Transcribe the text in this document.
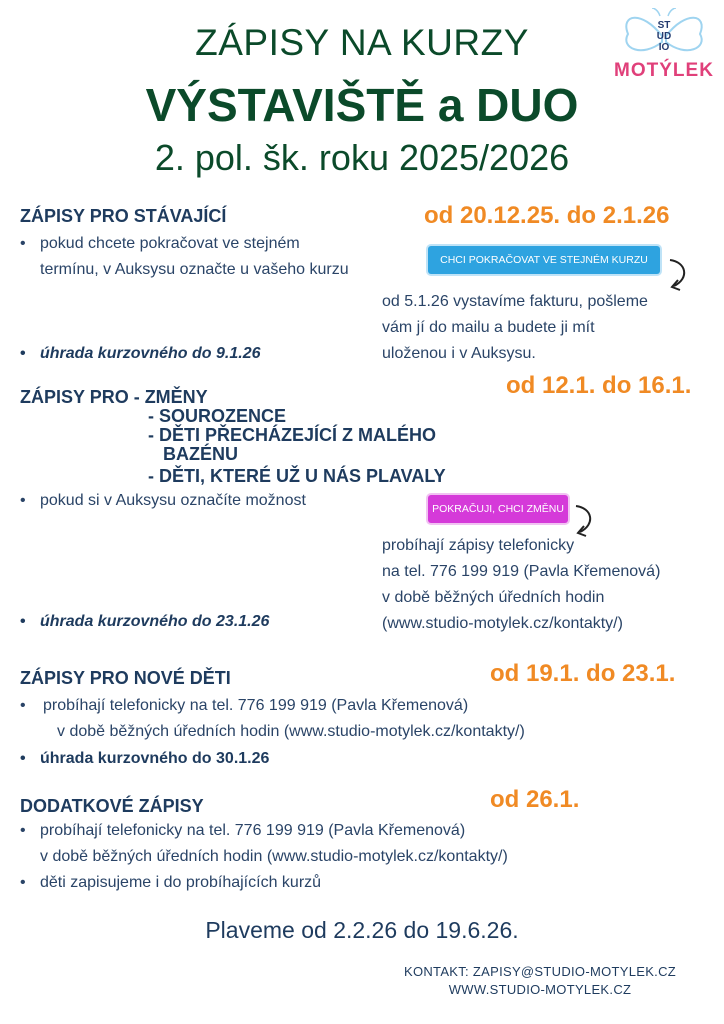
ZÁPISY NA KURZY
VÝSTAVIŠTĚ a DUO
2. pol. šk. roku 2025/2026
ST
UD
IO
MOTÝLEK
ZÁPISY PRO STÁVAJÍCÍ	od 20.12.25. do 2.1.26
• pokud chcete pokračovat ve stejném
termínu, v Auksysu označte u vašeho kurzu
CHCI POKRAČOVAT VE STEJNÉM KURZU
od 5.1.26 vystavíme fakturu, pošleme
vám jí do mailu a budete ji mít
uloženou i v Auksysu.
• úhrada kurzovného do 9.1.26
od 12.1. do 16.1.
ZÁPISY PRO - ZMĚNY
- SOUROZENCE
- DĚTI PŘECHÁZEJÍCÍ Z MALÉHO
BAZÉNU
- DĚTI, KTERÉ UŽ U NÁS PLAVALY
• pokud si v Auksysu označíte možnost	POKRAČUJI, CHCI ZMĚNU
probíhají zápisy telefonicky
na tel. 776 199 919 (Pavla Křemenová)
v době běžných úředních hodin
(www.studio-motylek.cz/kontakty/)
• úhrada kurzovného do 23.1.26
ZÁPISY PRO NOVÉ DĚTI	od 19.1. do 23.1.
• probíhají telefonicky na tel. 776 199 919 (Pavla Křemenová)
v době běžných úředních hodin (www.studio-motylek.cz/kontakty/)
• úhrada kurzovného do 30.1.26
DODATKOVÉ ZÁPISY	od 26.1.
• probíhají telefonicky na tel. 776 199 919 (Pavla Křemenová)
v době běžných úředních hodin (www.studio-motylek.cz/kontakty/)
• děti zapisujeme i do probíhajících kurzů
Plaveme od 2.2.26 do 19.6.26.
KONTAKT: ZAPISY@STUDIO-MOTYLEK.CZ
WWW.STUDIO-MOTYLEK.CZ
